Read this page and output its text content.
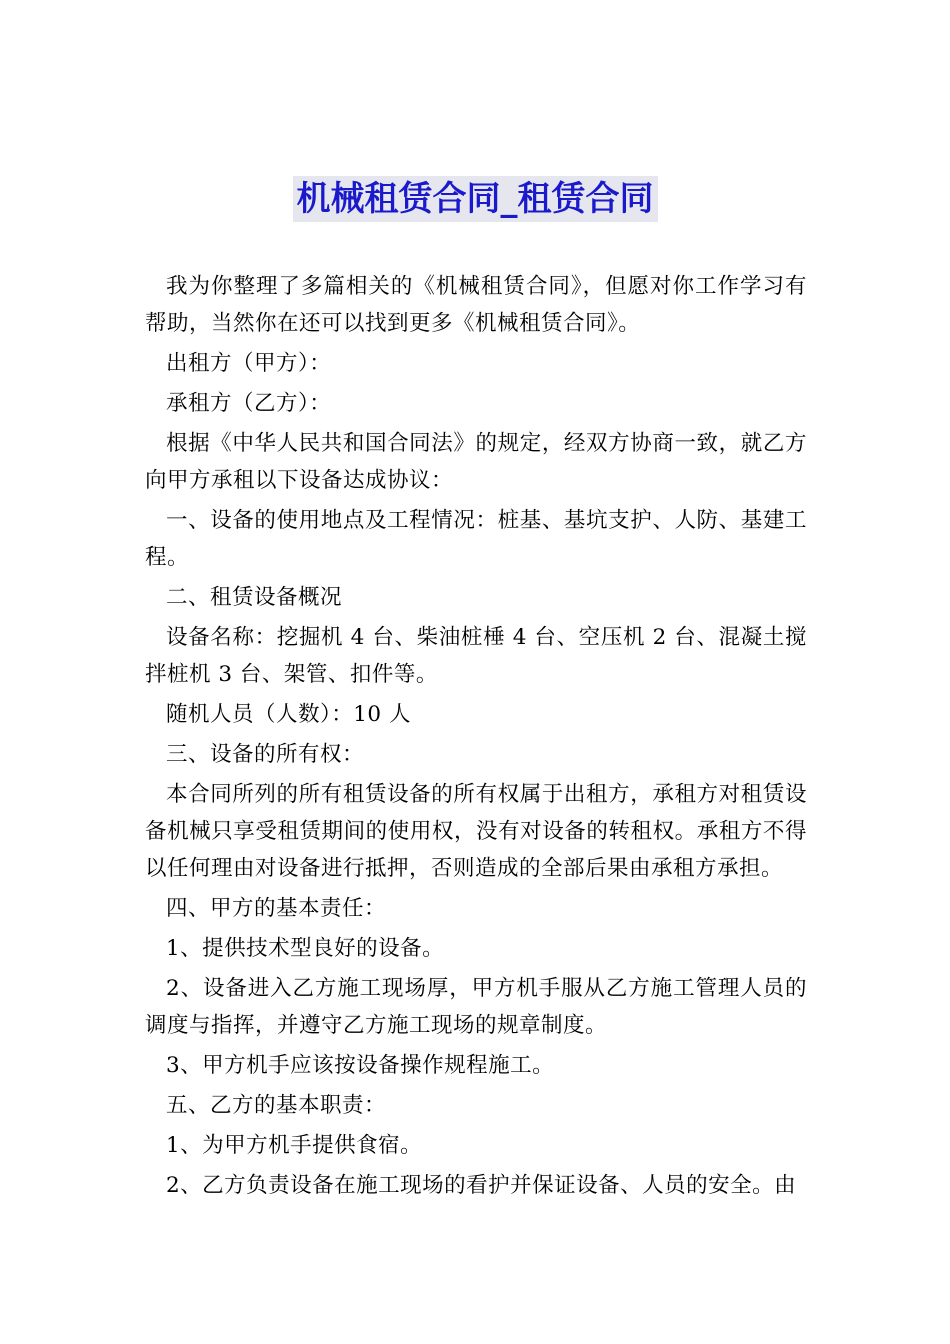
机械租赁合同_租赁合同

我为你整理了多篇相关的《机械租赁合同》，但愿对你工作学习有帮助，当然你在还可以找到更多《机械租赁合同》。

出租方（甲方）：

承租方（乙方）：

根据《中华人民共和国合同法》的规定，经双方协商一致，就乙方向甲方承租以下设备达成协议：

一、设备的使用地点及工程情况：桩基、基坑支护、人防、基建工程。

二、租赁设备概况

设备名称：挖掘机 4 台、柴油桩棰 4 台、空压机 2 台、混凝土搅拌桩机 3 台、架管、扣件等。

随机人员（人数）：10 人

三、设备的所有权：

本合同所列的所有租赁设备的所有权属于出租方，承租方对租赁设备机械只享受租赁期间的使用权，没有对设备的转租权。承租方不得以任何理由对设备进行抵押，否则造成的全部后果由承租方承担。

四、甲方的基本责任：

1、提供技术型良好的设备。

2、设备进入乙方施工现场厚，甲方机手服从乙方施工管理人员的调度与指挥，并遵守乙方施工现场的规章制度。

3、甲方机手应该按设备操作规程施工。

五、乙方的基本职责：

1、为甲方机手提供食宿。

2、乙方负责设备在施工现场的看护并保证设备、人员的安全。由
